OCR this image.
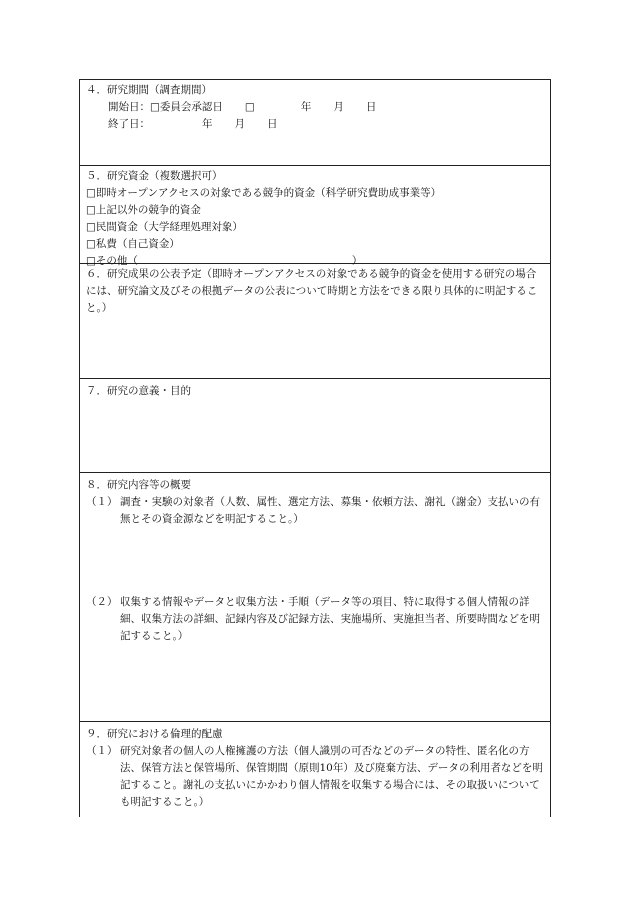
４．研究期間（調査期間）
開始日：□委員会承認日 □	年 月 日
終了日：	年 月 日
５．研究資金（複数選択可）
□即時オープンアクセスの対象である競争的資金（科学研究費助成事業等）
□上記以外の競争的資金
□民間資金（大学経理処理対象）
□私費（自己資金）
□その他（	）
６．研究成果の公表予定（即時オープンアクセスの対象である競争的資金を使用する研究の場合には、研究論文及びその根拠データの公表について時期と方法をできる限り具体的に明記すること。）
７．研究の意義・目的
８．研究内容等の概要
（１） 調査・実験の対象者（人数、属性、選定方法、募集・依頼方法、謝礼（謝金）支払いの有無とその資金源などを明記すること。）
（２） 収集する情報やデータと収集方法・手順（データ等の項目、特に取得する個人情報の詳細、収集方法の詳細、記録内容及び記録方法、実施場所、実施担当者、所要時間などを明記すること。）
９．研究における倫理的配慮
（１） 研究対象者の個人の人権擁護の方法（個人識別の可否などのデータの特性、匿名化の方法、保管方法と保管場所、保管期間（原則10年）及び廃棄方法、データの利用者などを明記すること。謝礼の支払いにかかわり個人情報を収集する場合には、その取扱いについても明記すること。）
